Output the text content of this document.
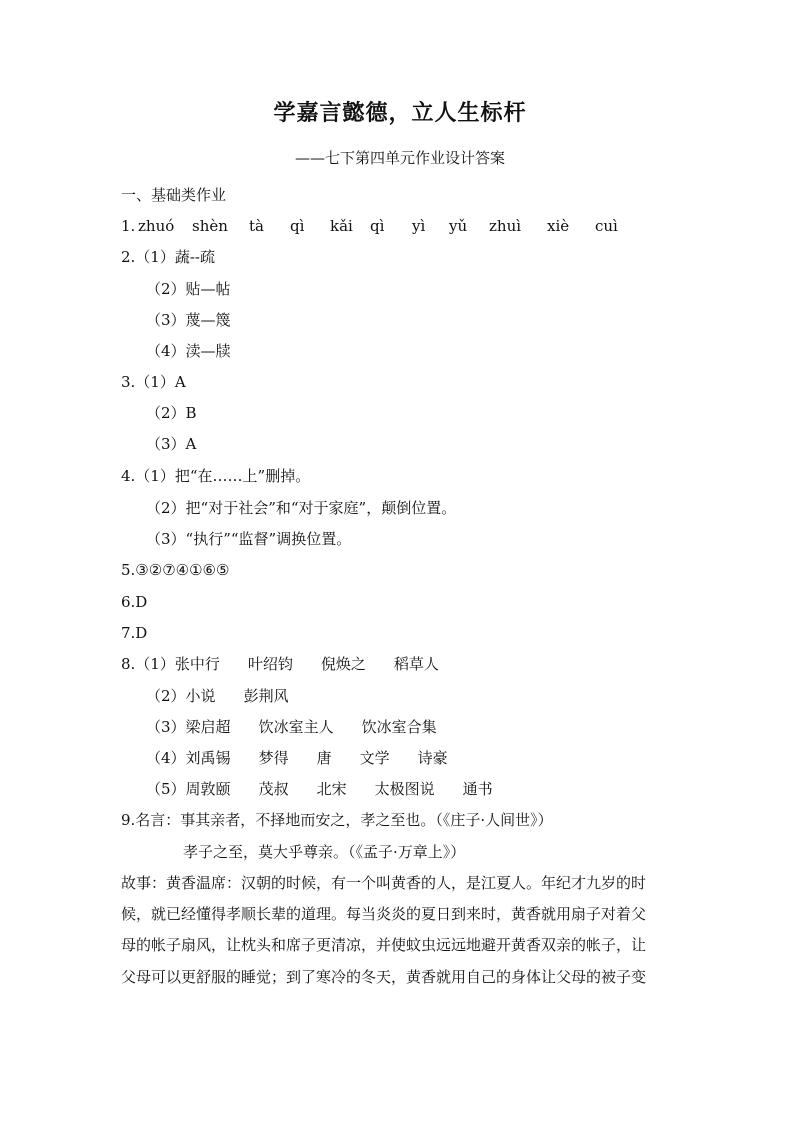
学嘉言懿德，立人生标杆
——七下第四单元作业设计答案
一、基础类作业
1. zhuó shèn tà qì kǎi qì yì yǔ zhuì xiè cuì
2.（1）蔬--疏
（2）贴—帖
（3）蔑—篾
（4）渎—牍
3.（1）A
（2）B
（3）A
4.（1）把“在……上”删掉。
（2）把“对于社会”和“对于家庭”，颠倒位置。
（3）“执行”“监督”调换位置。
5.③②⑦④①⑥⑤
6.D
7.D
8.（1）张中行 叶绍钧 倪焕之 稻草人
（2）小说 彭荆风
（3）梁启超 饮冰室主人 饮冰室合集
（4）刘禹锡 梦得 唐 文学 诗豪
（5）周敦颐 茂叔 北宋 太极图说 通书
9.名言：事其亲者，不择地而安之，孝之至也。（《庄子·人间世》）
孝子之至，莫大乎尊亲。（《孟子·万章上》）
故事：黄香温席：汉朝的时候，有一个叫黄香的人，是江夏人。年纪才九岁的时
候，就已经懂得孝顺长辈的道理。每当炎炎的夏日到来时，黄香就用扇子对着父
母的帐子扇风，让枕头和席子更清凉，并使蚊虫远远地避开黄香双亲的帐子，让
父母可以更舒服的睡觉；到了寒冷的冬天，黄香就用自己的身体让父母的被子变
